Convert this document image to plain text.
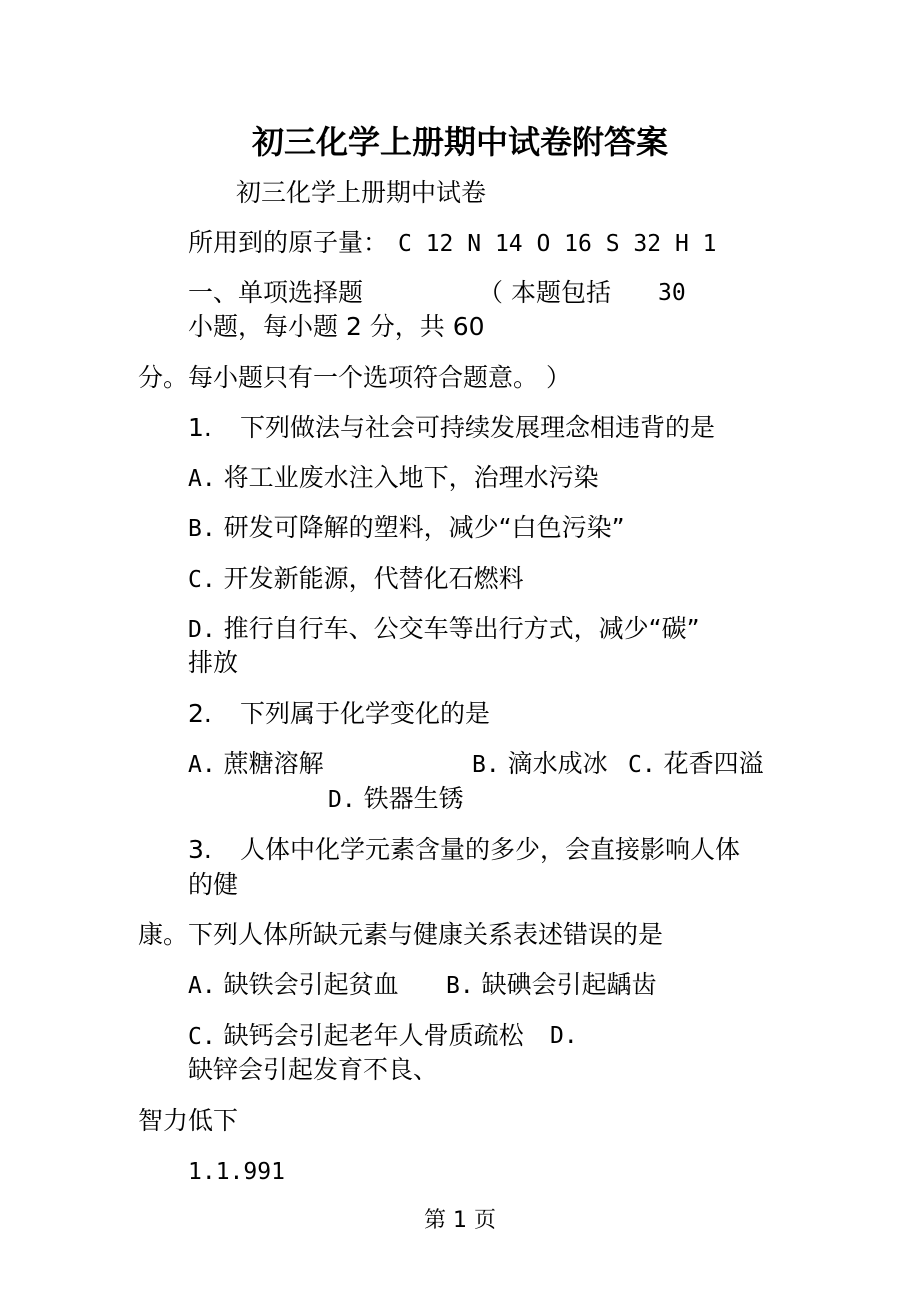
初三化学上册期中试卷附答案
初三化学上册期中试卷
所用到的原子量： C 12 N 14 O 16 S 32 H 1
一、单项选择题	（ 本题包括 30
小题，每小题 2 分，共 60
分。每小题只有一个选项符合题意。 ）
1. 下列做法与社会可持续发展理念相违背的是
A. 将工业废水注入地下，治理水污染
B. 研发可降解的塑料，减少“白色污染”
C. 开发新能源，代替化石燃料
D. 推行自行车、公交车等出行方式，减少“碳”
排放
2. 下列属于化学变化的是
A. 蔗糖溶解	B. 滴水成冰 C. 花香四溢
D. 铁器生锈
3. 人体中化学元素含量的多少，会直接影响人体
的健
康。下列人体所缺元素与健康关系表述错误的是
A. 缺铁会引起贫血 B. 缺碘会引起龋齿
C. 缺钙会引起老年人骨质疏松 D.
缺锌会引起发育不良、
智力低下
1.1.991
第 1 页
